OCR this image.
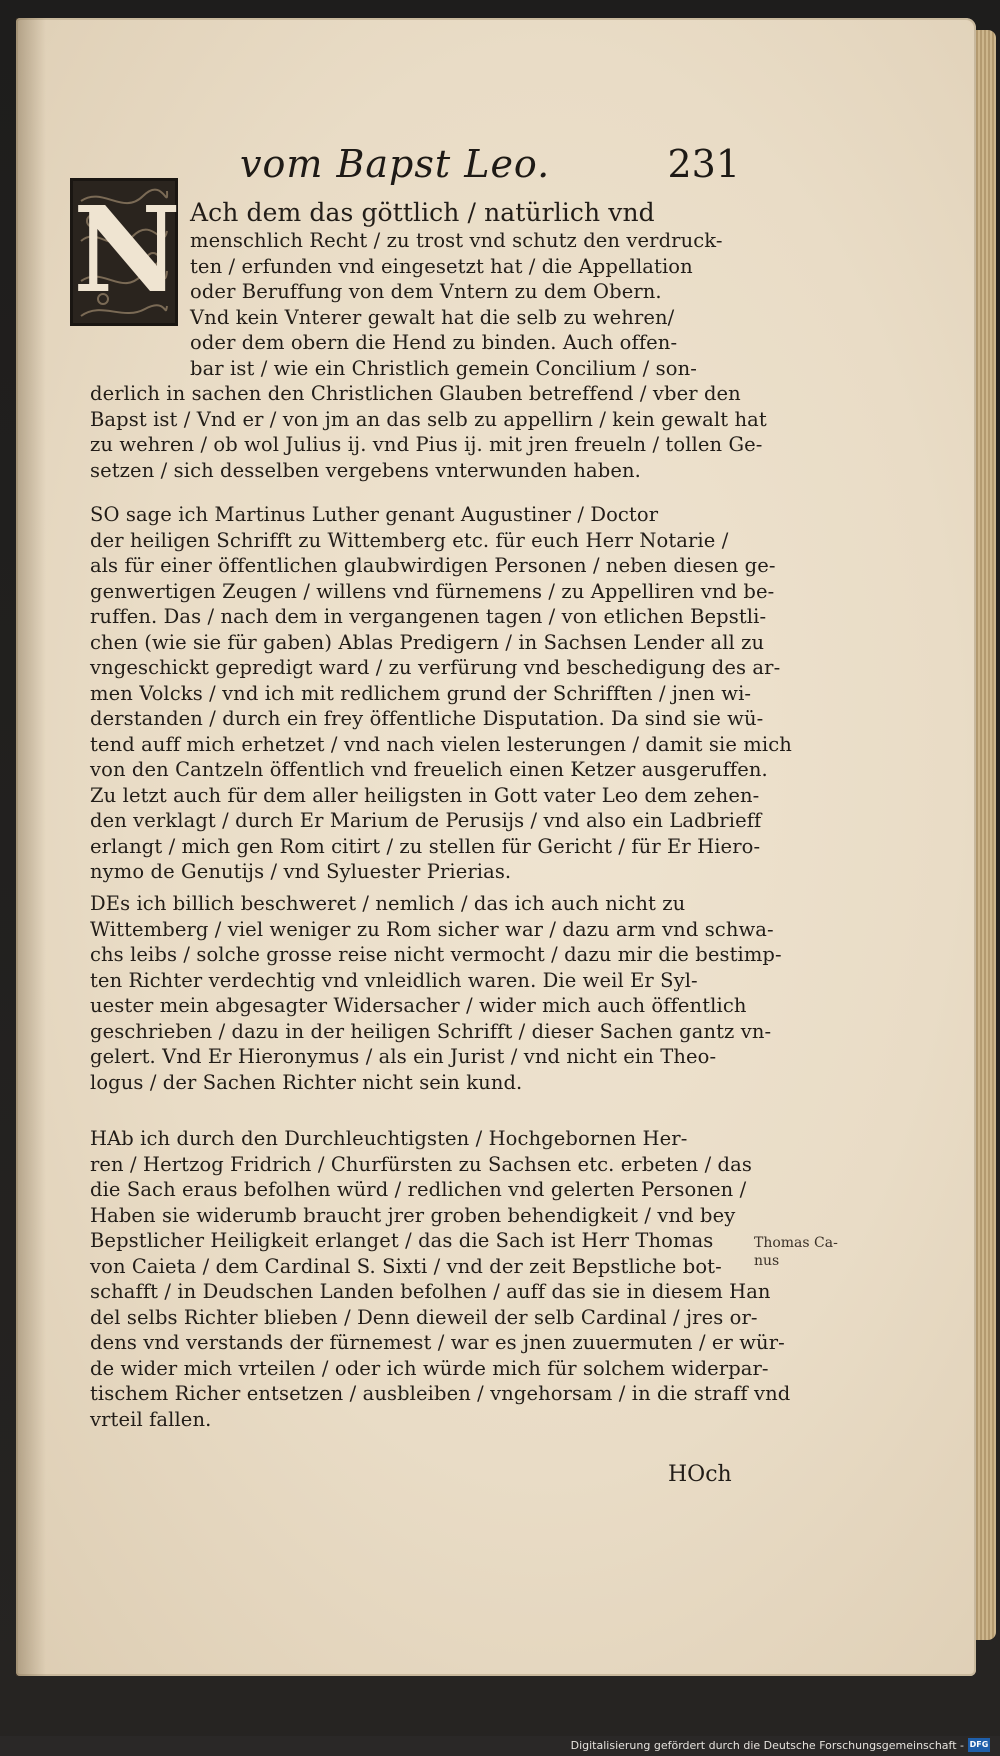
vom Bapst Leo.	231
N Ach dem das göttlich / natürlich vnd
menschlich Recht / zu trost vnd schutz den verdruck-
ten / erfunden vnd eingesetzt hat / die Appellation
oder Beruffung von dem Vntern zu dem Obern.
Vnd kein Vnterer gewalt hat die selb zu wehren/
oder dem obern die Hend zu binden. Auch offen-
bar ist / wie ein Christlich gemein Concilium / son-
derlich in sachen den Christlichen Glauben betreffend / vber den
Bapst ist / Vnd er / von jm an das selb zu appellirn / kein gewalt hat
zu wehren / ob wol Julius ij. vnd Pius ij. mit jren freueln / tollen Ge-
setzen / sich desselben vergebens vnterwunden haben.
SO sage ich Martinus Luther genant Augustiner / Doctor
der heiligen Schrifft zu Wittemberg etc. für euch Herr Notarie /
als für einer öffentlichen glaubwirdigen Personen / neben diesen ge-
genwertigen Zeugen / willens vnd fürnemens / zu Appelliren vnd be-
ruffen. Das / nach dem in vergangenen tagen / von etlichen Bepstli-
chen (wie sie für gaben) Ablas Predigern / in Sachsen Lender all zu
vngeschickt gepredigt ward / zu verfürung vnd beschedigung des ar-
men Volcks / vnd ich mit redlichem grund der Schrifften / jnen wi-
derstanden / durch ein frey öffentliche Disputation. Da sind sie wü-
tend auff mich erhetzet / vnd nach vielen lesterungen / damit sie mich
von den Cantzeln öffentlich vnd freuelich einen Ketzer ausgeruffen.
Zu letzt auch für dem aller heiligsten in Gott vater Leo dem zehen-
den verklagt / durch Er Marium de Perusijs / vnd also ein Ladbrieff
erlangt / mich gen Rom citirt / zu stellen für Gericht / für Er Hiero-
nymo de Genutijs / vnd Syluester Prierias.
DEs ich billich beschweret / nemlich / das ich auch nicht zu
Wittemberg / viel weniger zu Rom sicher war / dazu arm vnd schwa-
chs leibs / solche grosse reise nicht vermocht / dazu mir die bestimp-
ten Richter verdechtig vnd vnleidlich waren. Die weil Er Syl-
uester mein abgesagter Widersacher / wider mich auch öffentlich
geschrieben / dazu in der heiligen Schrifft / dieser Sachen gantz vn-
gelert. Vnd Er Hieronymus / als ein Jurist / vnd nicht ein Theo-
logus / der Sachen Richter nicht sein kund.
HAb ich durch den Durchleuchtigsten / Hochgebornen Her-
ren / Hertzog Fridrich / Churfürsten zu Sachsen etc. erbeten / das
die Sach eraus befolhen würd / redlichen vnd gelerten Personen /
Haben sie widerumb braucht jrer groben behendigkeit / vnd bey
Bepstlicher Heiligkeit erlanget / das die Sach ist Herr Thomas
von Caieta / dem Cardinal S. Sixti / vnd der zeit Bepstliche bot-
schafft / in Deudschen Landen befolhen / auff das sie in diesem Han
del selbs Richter blieben / Denn dieweil der selb Cardinal / jres or-
dens vnd verstands der fürnemest / war es jnen zuuermuten / er wür-
de wider mich vrteilen / oder ich würde mich für solchem widerpar-
tischem Richer entsetzen / ausbleiben / vngehorsam / in die straff vnd
vrteil fallen.
Thomas Ca-
nus
HOch
Digitalisierung gefördert durch die Deutsche Forschungsgemeinschaft - DFG
